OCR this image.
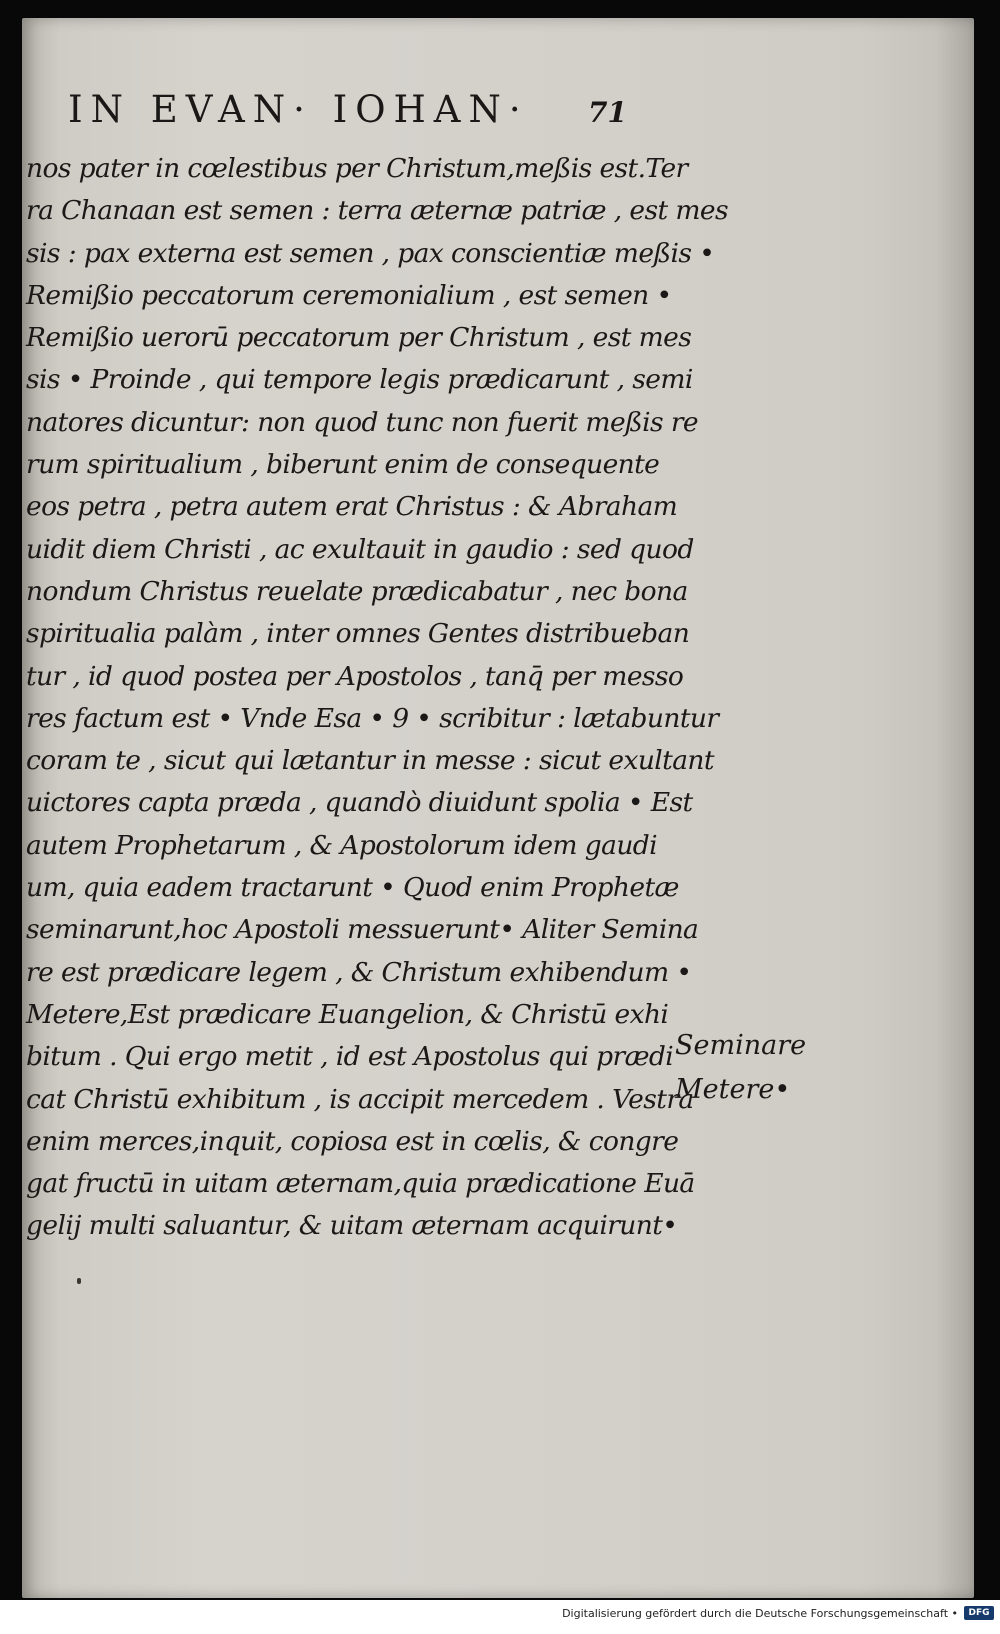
IN EVAN· IOHAN·	71
nos pater in cœlestibus per Christum,meßis est.Ter
ra Chanaan est semen : terra æternæ patriæ , est mes
sis : pax externa est semen , pax conscientiæ meßis •
Remißio peccatorum ceremonialium , est semen •
Remißio uerorū peccatorum per Christum , est mes
sis • Proinde , qui tempore legis prædicarunt , semi
natores dicuntur: non quod tunc non fuerit meßis re
rum spiritualium , biberunt enim de consequente
eos petra , petra autem erat Christus : & Abraham
uidit diem Christi , ac exultauit in gaudio : sed quod
nondum Christus reuelate prædicabatur , nec bona
spiritualia palàm , inter omnes Gentes distribueban
tur , id quod postea per Apostolos , tanq̄ per messo
res factum est • Vnde Esa • 9 • scribitur : lætabuntur
coram te , sicut qui lætantur in messe : sicut exultant
uictores capta præda , quandò diuidunt spolia • Est
autem Prophetarum , & Apostolorum idem gaudi
um, quia eadem tractarunt • Quod enim Prophetæ
seminarunt,hoc Apostoli messuerunt• Aliter Semina
re est prædicare legem , & Christum exhibendum •
Metere,Est prædicare Euangelion, & Christū exhi
bitum . Qui ergo metit , id est Apostolus qui prædi
cat Christū exhibitum , is accipit mercedem . Vestra
enim merces,inquit, copiosa est in cœlis, & congre
gat fructū in uitam æternam,quia prædicatione Euā
gelij multi saluantur, & uitam æternam acquirunt•
Seminare
Metere•
Digitalisierung gefördert durch die Deutsche Forschungsgemeinschaft •	DFG
